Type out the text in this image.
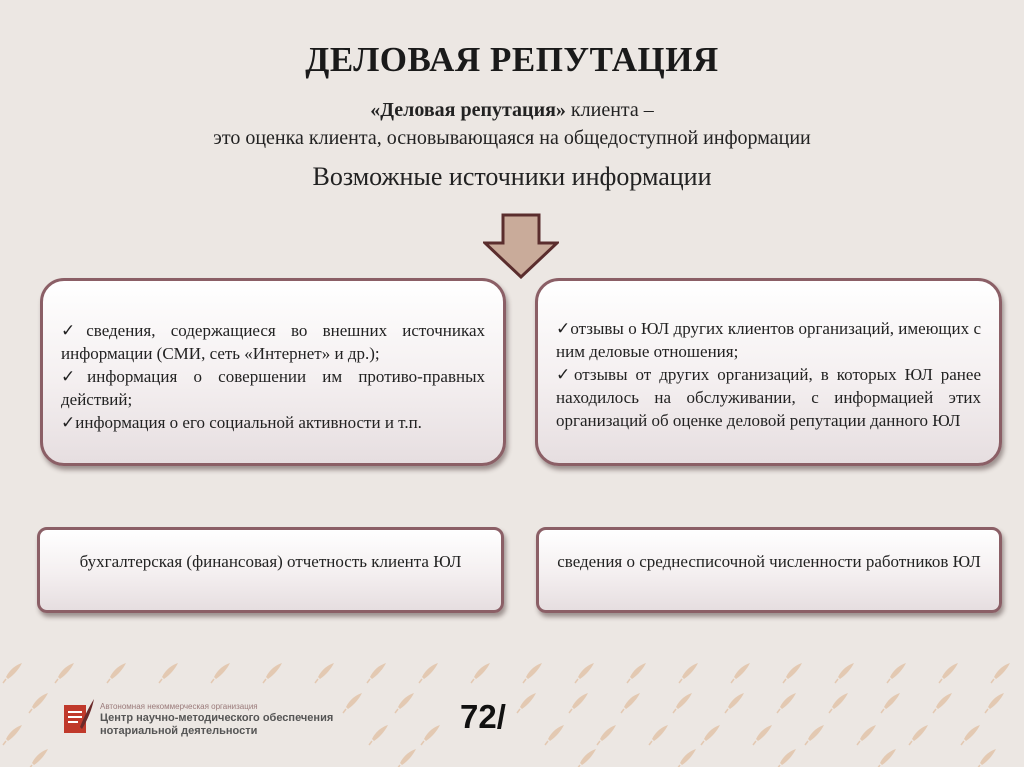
ДЕЛОВАЯ РЕПУТАЦИЯ
«Деловая репутация» клиента –
это оценка клиента, основывающаяся на общедоступной информации
Возможные источники информации
✓сведения, содержащиеся во внешних источниках информации (СМИ, сеть «Интернет» и др.);
✓информация о совершении им противо-правных действий;
✓информация о его социальной активности и т.п.
✓отзывы о ЮЛ других клиентов организаций, имеющих с ним деловые отношения;
✓отзывы от других организаций, в которых ЮЛ ранее находилось на обслуживании, с информацией этих организаций об оценке деловой репутации данного ЮЛ
бухгалтерская (финансовая) отчетность клиента ЮЛ	сведения о среднесписочной численности работников ЮЛ
Автономная некоммерческая организация
Центр научно-методического обеспечения
нотариальной деятельности	72/
